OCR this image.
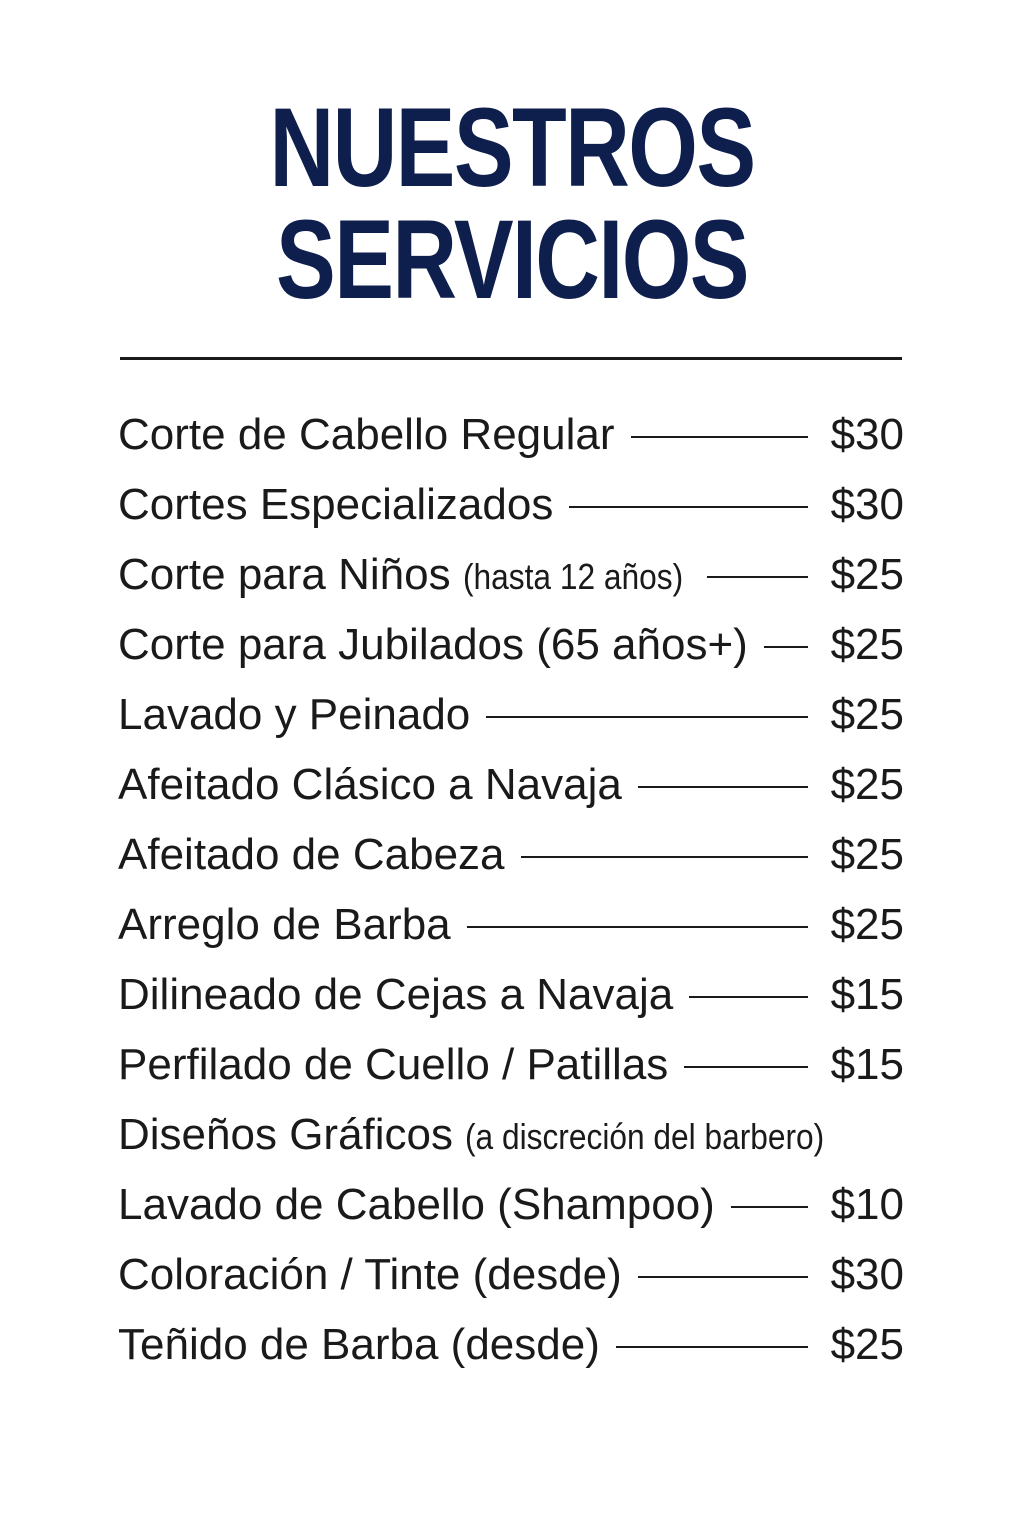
NUESTROS
SERVICIOS
Corte de Cabello Regular	$30
Cortes Especializados	$30
Corte para Niños (hasta 12 años)	$25
Corte para Jubilados (65 años+) $25
Lavado y Peinado	$25
Afeitado Clásico a Navaja	$25
Afeitado de Cabeza	$25
Arreglo de Barba	$25
Dilineado de Cejas a Navaja	$15
Perfilado de Cuello / Patillas	$15
Diseños Gráficos (a discreción del barbero)
Lavado de Cabello (Shampoo)	$10
Coloración / Tinte (desde)	$30
Teñido de Barba (desde)	$25
